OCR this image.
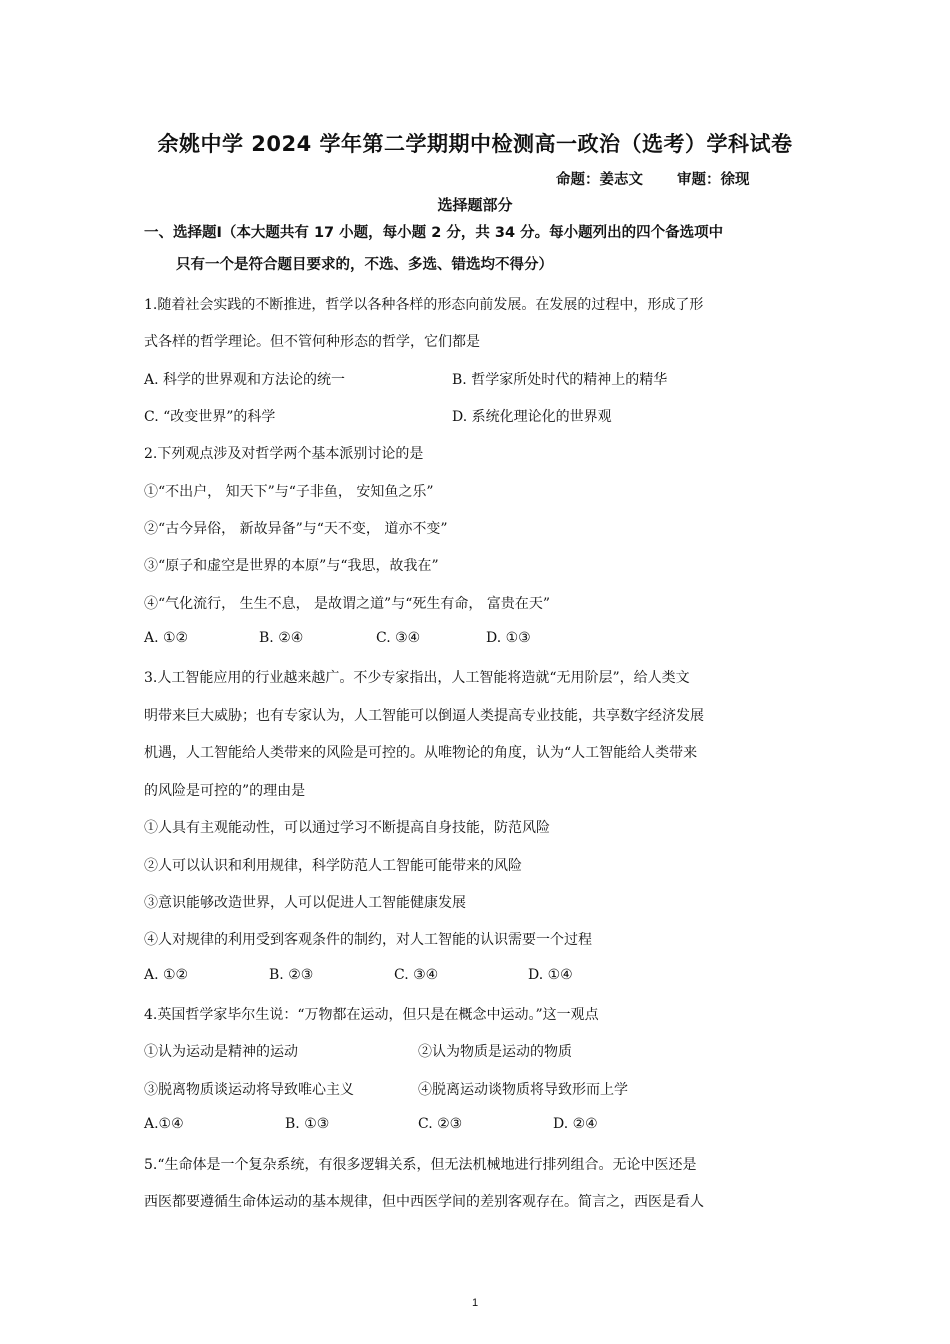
余姚中学 2024 学年第二学期期中检测高一政治（选考）学科试卷
命题：姜志文 审题：徐现
选择题部分
一、选择题Ⅰ（本大题共有 17 小题，每小题 2 分，共 34 分。每小题列出的四个备选项中
只有一个是符合题目要求的，不选、多选、错选均不得分）
1.随着社会实践的不断推进，哲学以各种各样的形态向前发展。在发展的过程中，形成了形
式各样的哲学理论。但不管何种形态的哲学，它们都是
A. 科学的世界观和方法论的统一	B. 哲学家所处时代的精神上的精华
C. “改变世界”的科学	D. 系统化理论化的世界观
2.下列观点涉及对哲学两个基本派别讨论的是
①“不出户， 知天下”与“子非鱼， 安知鱼之乐”
②“古今异俗， 新故异备”与“天不变， 道亦不变”
③“原子和虚空是世界的本原”与“我思，故我在”
④“气化流行， 生生不息， 是故谓之道”与“死生有命， 富贵在天”
A. ①②	B. ②④	C. ③④	D. ①③
3.人工智能应用的行业越来越广。不少专家指出，人工智能将造就“无用阶层”，给人类文
明带来巨大威胁；也有专家认为，人工智能可以倒逼人类提高专业技能，共享数字经济发展
机遇，人工智能给人类带来的风险是可控的。从唯物论的角度，认为“人工智能给人类带来
的风险是可控的”的理由是
①人具有主观能动性，可以通过学习不断提高自身技能，防范风险
②人可以认识和利用规律，科学防范人工智能可能带来的风险
③意识能够改造世界，人可以促进人工智能健康发展
④人对规律的利用受到客观条件的制约，对人工智能的认识需要一个过程
A. ①②	B. ②③	C. ③④	D. ①④
4.英国哲学家毕尔生说：“万物都在运动，但只是在概念中运动。”这一观点
①认为运动是精神的运动	②认为物质是运动的物质
③脱离物质谈运动将导致唯心主义	④脱离运动谈物质将导致形而上学
A.①④	B. ①③	C. ②③	D. ②④
5.“生命体是一个复杂系统，有很多逻辑关系，但无法机械地进行排列组合。无论中医还是
西医都要遵循生命体运动的基本规律，但中西医学间的差别客观存在。简言之，西医是看人
1
